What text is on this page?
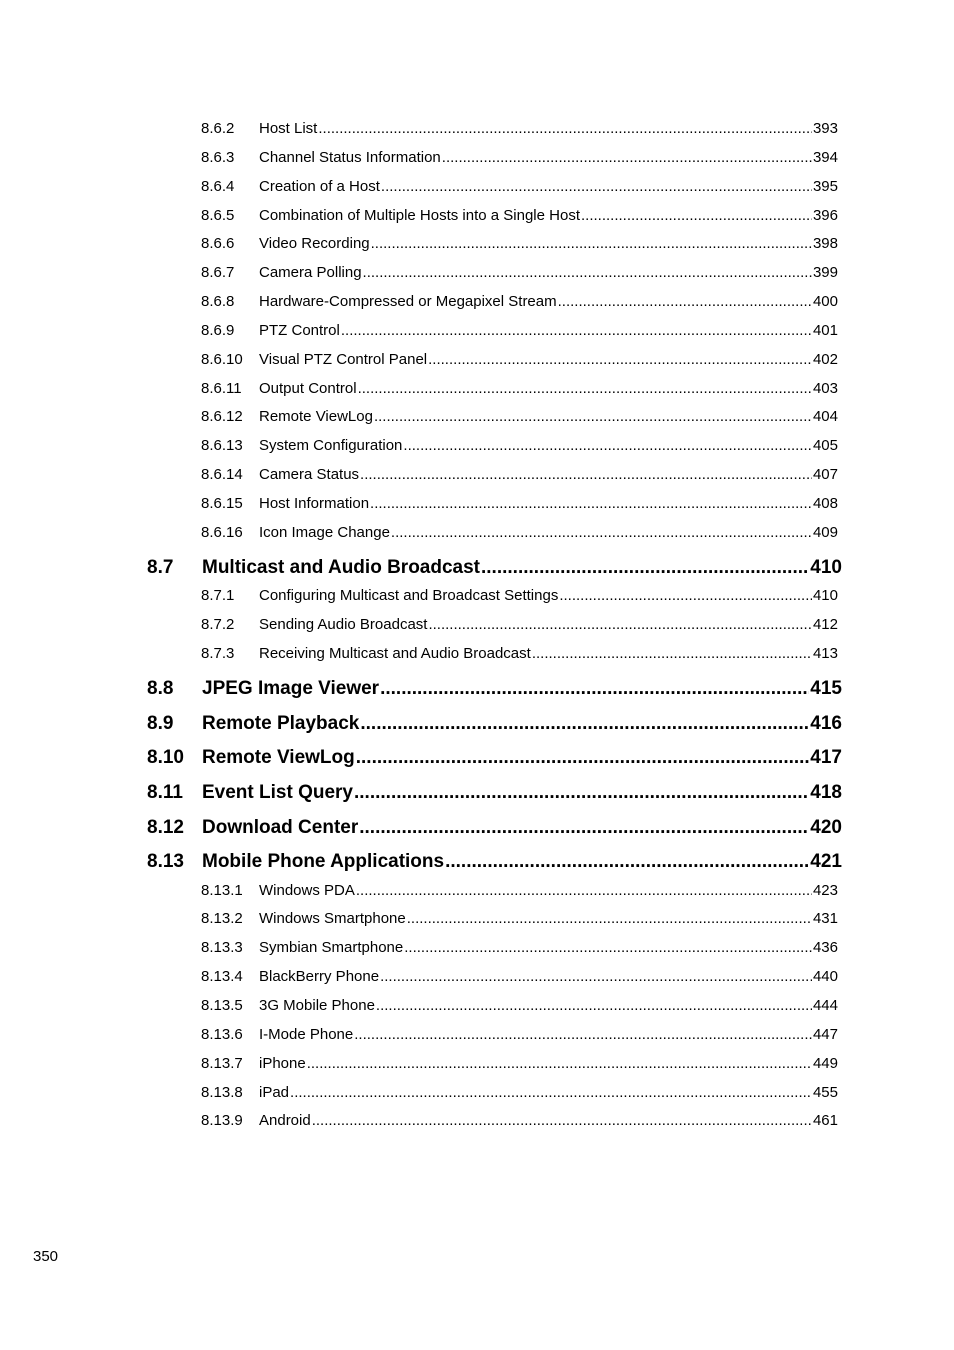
8.6.2	Host List .....	393
8.6.3	Channel Status Information .....	394
8.6.4	Creation of a Host .....	395
8.6.5	Combination of Multiple Hosts into a Single Host .....	396
8.6.6	Video Recording .....	398
8.6.7	Camera Polling .....	399
8.6.8	Hardware-Compressed or Megapixel Stream .....	400
8.6.9	PTZ Control .....	401
8.6.10	Visual PTZ Control Panel .....	402
8.6.11	Output Control .....	403
8.6.12	Remote ViewLog .....	404
8.6.13	System Configuration .....	405
8.6.14	Camera Status .....	407
8.6.15	Host Information .....	408
8.6.16	Icon Image Change .....	409
8.7	Multicast and Audio Broadcast .....	410
8.7.1	Configuring Multicast and Broadcast Settings .....	410
8.7.2	Sending Audio Broadcast .....	412
8.7.3	Receiving Multicast and Audio Broadcast .....	413
8.8	JPEG Image Viewer .....	415
8.9	Remote Playback .....	416
8.10 Remote ViewLog .....	417
8.11	Event List Query .....	418
8.12 Download Center .....	420
8.13 Mobile Phone Applications .....	421
8.13.1	Windows PDA .....	423
8.13.2	Windows Smartphone .....	431
8.13.3	Symbian Smartphone .....	436
8.13.4	BlackBerry Phone .....	440
8.13.5	3G Mobile Phone .....	444
8.13.6	I-Mode Phone .....	447
8.13.7	iPhone .....	449
8.13.8	iPad .....	455
8.13.9	Android .....	461
350
